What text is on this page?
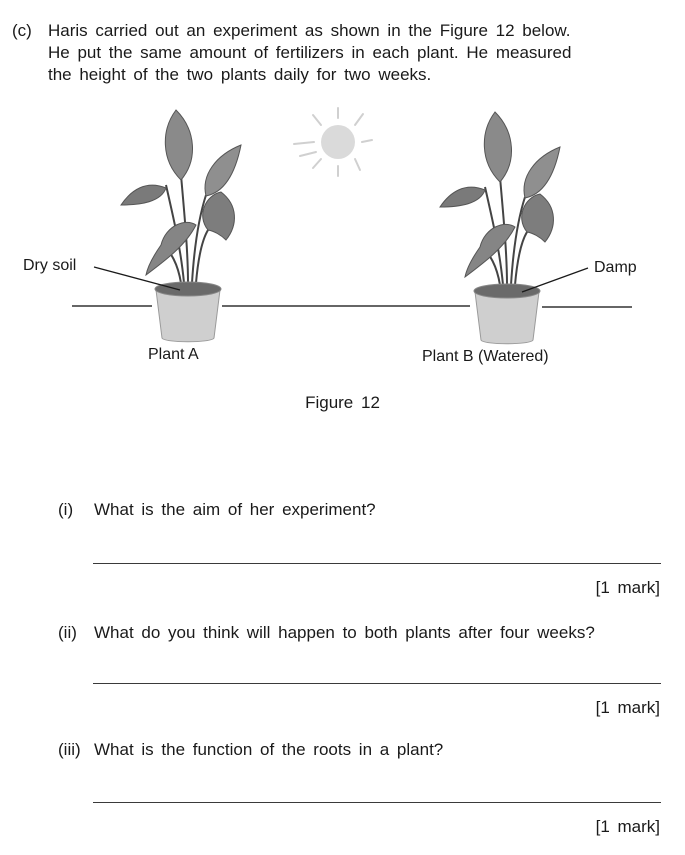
(c) Haris carried out an experiment as shown in the Figure 12 below.
He put the same amount of fertilizers in each plant. He measured
the height of the two plants daily for two weeks.
Dry soil	Damp
Plant A	Plant B (Watered)
Figure 12
(i) What is the aim of her experiment?
[1 mark]
(ii) What do you think will happen to both plants after four weeks?
[1 mark]
(iii) What is the function of the roots in a plant?
[1 mark]
